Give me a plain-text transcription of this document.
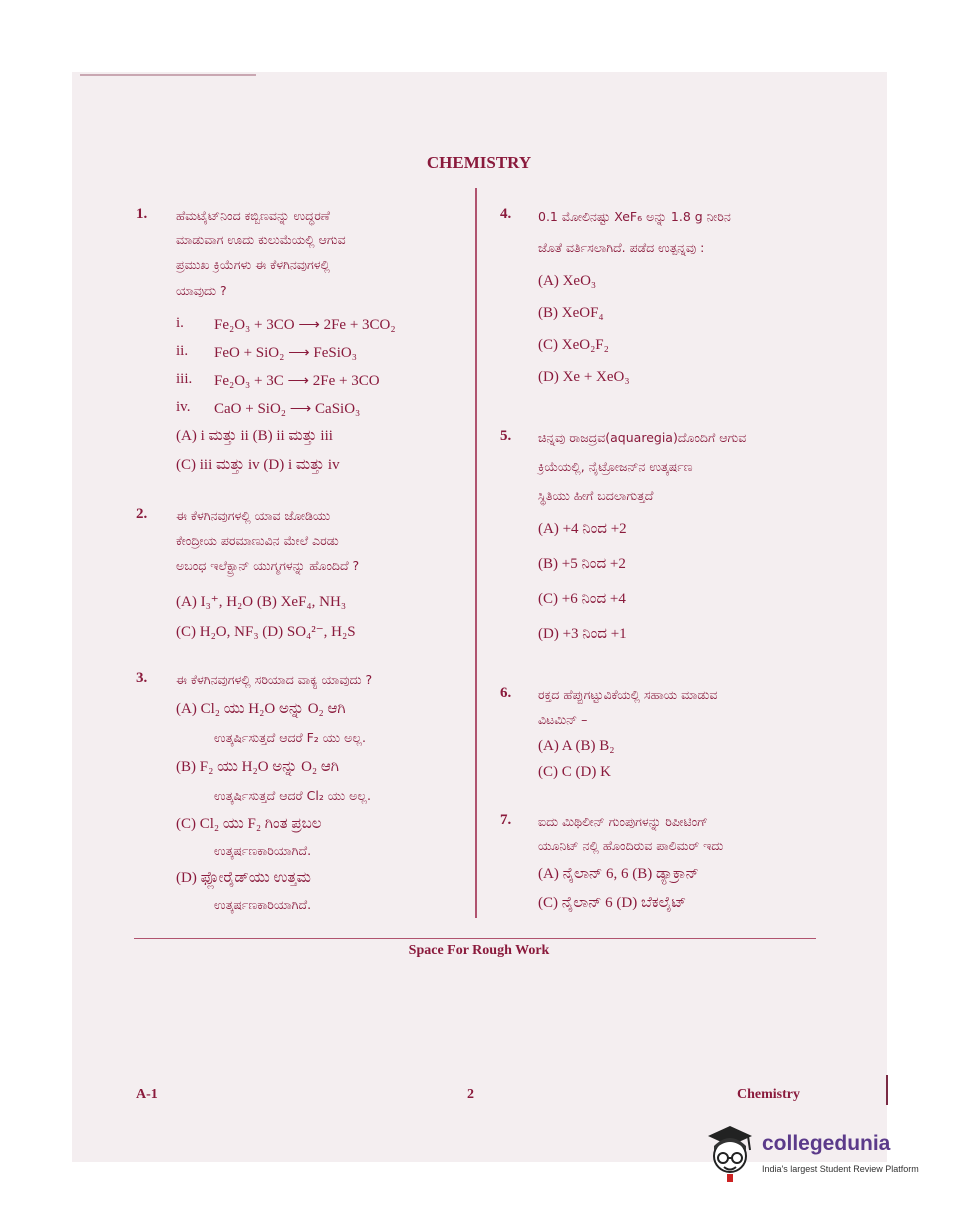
CHEMISTRY
1. ಹೆಮಟೈಟ್‌ನಿಂದ ಕಬ್ಬಿಣವನ್ನು ಉದ್ಧರಣೆ
ಮಾಡುವಾಗ ಊದು ಕುಲುಮೆಯಲ್ಲಿ ಆಗುವ
ಪ್ರಮುಖ ಕ್ರಿಯೆಗಳು ಈ ಕೆಳಗಿನವುಗಳಲ್ಲಿ
ಯಾವುದು ?
i. Fe₂O₃ + 3CO ⟶ 2Fe + 3CO₂
ii. FeO + SiO₂ ⟶ FeSiO₃
iii. Fe₂O₃ + 3C ⟶ 2Fe + 3CO
iv. CaO + SiO₂ ⟶ CaSiO₃
(A) i ಮತ್ತು ii (B) ii ಮತ್ತು iii
(C) iii ಮತ್ತು iv (D) i ಮತ್ತು iv
2. ಈ ಕೆಳಗಿನವುಗಳಲ್ಲಿ ಯಾವ ಜೋಡಿಯು
ಕೇಂದ್ರೀಯ ಪರಮಾಣುವಿನ ಮೇಲೆ ಎರಡು
ಅಬಂಧ ಇಲೆಕ್ಟ್ರಾನ್ ಯುಗ್ಮಗಳನ್ನು ಹೊಂದಿದೆ ?
(A) I₃⁺, H₂O (B) XeF₄, NH₃
(C) H₂O, NF₃ (D) SO₄²⁻, H₂S
3. ಈ ಕೆಳಗಿನವುಗಳಲ್ಲಿ ಸರಿಯಾದ ವಾಕ್ಯ ಯಾವುದು ?
(A) Cl₂ ಯು H₂O ಅನ್ನು O₂ ಆಗಿ
ಉತ್ಕರ್ಷಿಸುತ್ತದೆ ಆದರೆ F₂ ಯು ಅಲ್ಲ.
(B) F₂ ಯು H₂O ಅನ್ನು O₂ ಆಗಿ
ಉತ್ಕರ್ಷಿಸುತ್ತದೆ ಆದರೆ Cl₂ ಯು ಅಲ್ಲ.
(C) Cl₂ ಯು F₂ ಗಿಂತ ಪ್ರಬಲ
ಉತ್ಕರ್ಷಣಕಾರಿಯಾಗಿದೆ.
(D) ಫ್ಲೋರೈಡ್‌ಯು ಉತ್ತಮ
ಉತ್ಕರ್ಷಣಕಾರಿಯಾಗಿದೆ.
4. 0.1 ಮೋಲಿನಷ್ಟು XeF₆ ಅನ್ನು 1.8 g ನೀರಿನ
ಜೊತೆ ವರ್ತಿಸಲಾಗಿದೆ. ಪಡೆದ ಉತ್ಪನ್ನವು :
(A) XeO₃
(B) XeOF₄
(C) XeO₂F₂
(D) Xe + XeO₃
5. ಚಿನ್ನವು ರಾಜದ್ರವ(aquaregia)ದೊಂದಿಗೆ ಆಗುವ
ಕ್ರಿಯೆಯಲ್ಲಿ, ನೈಟ್ರೋಜನ್‌ನ ಉತ್ಕರ್ಷಣ
ಸ್ಥಿತಿಯು ಹೀಗೆ ಬದಲಾಗುತ್ತದೆ
(A) +4 ನಿಂದ +2
(B) +5 ನಿಂದ +2
(C) +6 ನಿಂದ +4
(D) +3 ನಿಂದ +1
6. ರಕ್ತದ ಹೆಪ್ಪುಗಟ್ಟುವಿಕೆಯಲ್ಲಿ ಸಹಾಯ ಮಾಡುವ
ವಿಟಮಿನ್ –
(A) A (B) B₂
(C) C (D) K
7. ಐದು ಮಿಥಿಲೀನ್ ಗುಂಪುಗಳನ್ನು ರಿಪೀಟಿಂಗ್
ಯೂನಿಟ್ ನಲ್ಲಿ ಹೊಂದಿರುವ ಪಾಲಿಮರ್ ಇದು
(A) ನೈಲಾನ್ 6, 6 (B) ಡ್ಯಾಕ್ರಾನ್
(C) ನೈಲಾನ್ 6 (D) ಬೆಕಲೈಟ್
Space For Rough Work
A-1	2	Chemistry
collegedunia
India's largest Student Review Platform
